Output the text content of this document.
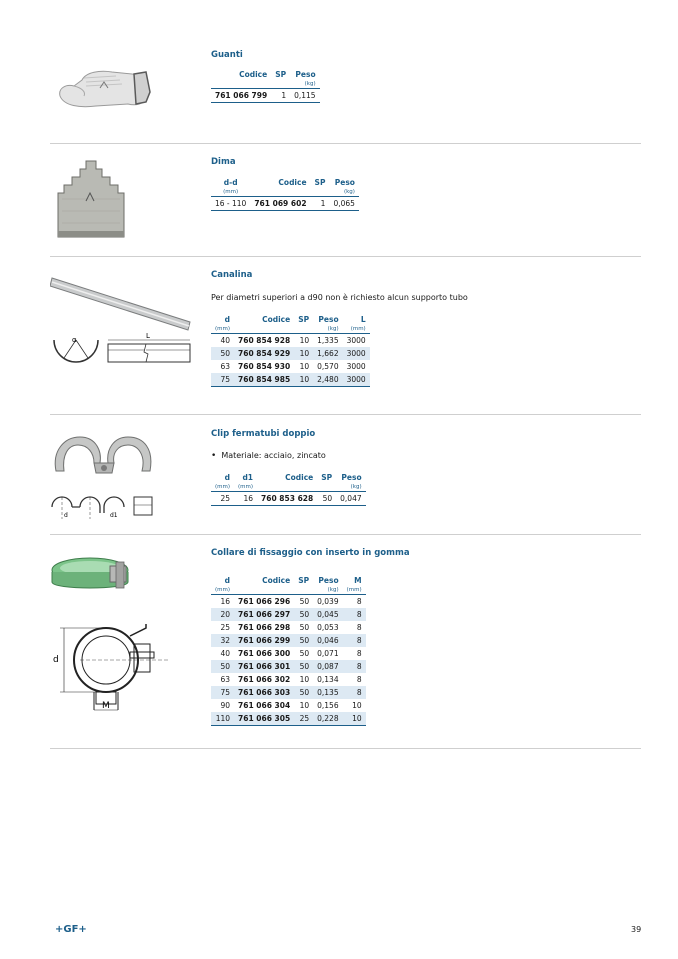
Guanti

Codice	SP	Peso
		(kg)
761 066 799	1	0,115

Dima

d-d	Codice	SP	Peso
(mm)			(kg)
16 - 110	761 069 602	1	0,065
α	L

Canalina

Per diametri superiori a d90 non è richiesto alcun supporto tubo
d	Codice	SP	Peso	L
(mm)			(kg)	(mm)
40	760 854 928	10	1,335	3000
50	760 854 929	10	1,662	3000
63	760 854 930	10	0,570	3000
75	760 854 985	10	2,480	3000
d	d1

Clip fermatubi doppio

• Materiale: acciaio, zincato
d	d1	Codice	SP	Peso
(mm)	(mm)			(kg)
25	16	760 853 628	50	0,047
M
d

Collare di fissaggio con inserto in gomma

d	Codice	SP	Peso	M
(mm)			(kg)	(mm)
16	761 066 296	50	0,039	8
20	761 066 297	50	0,045	8
25	761 066 298	50	0,053	8
32	761 066 299	50	0,046	8
40	761 066 300	50	0,071	8
50	761 066 301	50	0,087	8
63	761 066 302	10	0,134	8
75	761 066 303	50	0,135	8
90	761 066 304	10	0,156	10
110	761 066 305	25	0,228	10
+GF+	39
